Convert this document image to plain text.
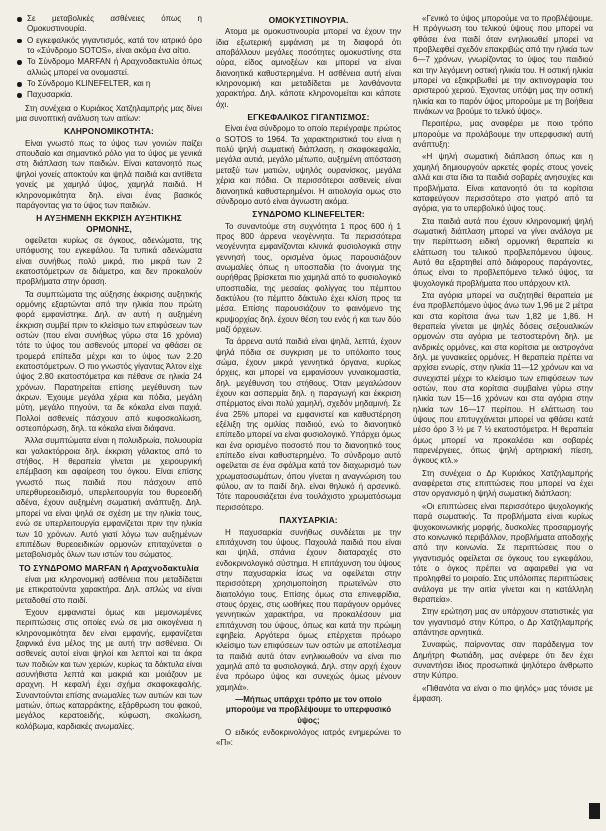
Σε μεταβολικές ασθένειες όπως η Ομοκυστινουρία.
Ο εγκεφαλικός γιγαντισμός, κατά τον ιατρικό όρο το «Σύνδρομο SOTOS», είναι ακόμα ένα αίτιο.
Το Σύνδρομο MARFAN ή Αραχνοδακτυλία όπως αλλιώς μπορεί να ονομαστεί.
Το Σύνδρομο KLINEFELTER, και η
Παχυσαρκία.

Στη συνέχεια ο Κυριάκος Χατζηλαμπρής μας δίνει μια συνοπτική ανάλυση των αιτίων:

ΚΛΗΡΟΝΟΜΙΚΟΤΗΤΑ:

Είναι γνωστό πως το ύψος των γονιών παίζει σπουδαίο και σημαντικό ρόλο για το ύψος με γενικά στη διάπλαση των παιδιών. Είναι κατανοητό πως ψηλοί γονείς αποκτούν και ψηλά παιδιά και αντίθετα γονείς με χαμηλό ύψος, χαμηλά παιδιά. Η κληρονομικότητα δηλ. είναι ένας βασικός παράγοντας για το ύψος των παιδιών.

Η ΑΥΞΗΜΕΝΗ ΕΚΚΡΙΣΗ ΑΥΞΗΤΙΚΗΣ ΟΡΜΟΝΗΣ,

οφείλεται κυρίως σε όγκους, αδενώματα, της υπόφυσης του εγκεφάλου. Τα τυπικά αδενώματα είναι συνήθως πολύ μικρά, πιο μικρά των 2 εκατοστόμετρων σε διάμετρο, και δεν προκαλούν προβλήματα στην όραση.

Τα συμπτώματα της αύξησης έκκρισης αυξητικής ορμόνης εξαρτώνται από την ηλικία που πρώτη φορά εμφανίστηκε. Δηλ. αν αυτή η αυξημένη έκκριση συμβεί πριν το κλείσιμο των επιφύσεων των οστών (που είναι συνήθως γύρω στα 16 χρόνια) τότε το ύψος του ασθενούς μπορεί να φθάσει σε τρομερά επίπεδα μέχρι και το ύψος των 2.20 εκατοστόμετρων. Ο πιο γνωστός γίγαντας Άλτον είχε ύψος 2.80 εκατοστόμετρα και πέθανε σε ηλικία 24 χρόνων. Παρατηρείται επίσης μεγέθυνση των άκρων. Έχουμε μεγάλα χέρια και πόδια, μεγάλη μύτη, μεγάλο πηγούνι, τα δε κόκαλα είναι παχιά. Πολλοί ασθενείς πάσχουν από κυφοσκολίωση, οστεοπόρωση, δηλ. τα κόκαλα είναι διάφανα.

Άλλα συμπτώματα είναι η πολυιδρωία, πολυουρία και γαλακτόρροια δηλ. έκκριση γάλακτος από το στήθος. Η θεραπεία γίνεται με χειρουργική επέμβαση και αφαίρεση του όγκου. Είναι επίσης γνωστό πως παιδιά που πάσχουν από υπερθυρεοειδισμό, υπερλειτουργία του θυρεοειδή αδένα, έχουν αυξημένη σωματική ανάπτυξη. Δηλ. μπορεί να είναι ψηλά σε σχέση με την ηλικία τους, ενώ σε υπερλειτουργία εμφανίζεται πριν την ηλικία των 10 χρόνων. Αυτό γιατί λόγω των αυξημένων επιπέδων θυρεοειδικών ορμονών επιταχύνεται ο μεταβολισμός όλων των ιστών του σώματος.

ΤΟ ΣΥΝΔΡΟΜΟ MARFAN ή Αραχνοδακτυλία

είναι μια κληρονομική ασθένεια που μεταδίδεται με επικρατούντα χαρακτήρα. Δηλ. απλώς να είναι μεταδοθεί στο παιδί.

Έχουν εμφανιστεί όμως και μεμονωμένες περιπτώσεις στις οποίες ενώ σε μια οικογένεια η κληρονομικότητα δεν είναι εμφανής, εμφανίζεται ξαφνικά ένα μέλος της με αυτή την ασθένεια. Οι ασθενείς αυτοί είναι ψηλοί και λεπτοί και τα άκρα των ποδιών και των χεριών, κυρίως τα δάκτυλα είναι ασυνήθιστα λεπτά και μακριά και μοιάζουν με αραχνη. Η κεφαλή έχει σχήμα σκαφοκεφαλής. Συναντούνται επίσης ανωμαλίες των αυτιών και των ματιών, όπως καταρράκτης, εξάρθρωση του φακού, μεγάλος κερατοειδής, κύφωση, σκολίωση, κολόβωμα, καρδιακές ανωμαλίες.

ΟΜΟΚΥΣΤΙΝΟΥΡΙΑ.

Ατομα με ομοκυστινουρία μπορεί να έχουν την ίδια εξωτερική εμφάνιση με τη διαφορά ότι αποβάλλουν μεγάλες ποσότητες ομοκυστίνης στα ούρα, είδος αμινοξέων και μπορεί να είναι διανοητικά καθυστερημένα. Η ασθένεια αυτή είναι κληρονομική και μεταδίδεται με λανθάνοντα χαρακτήρα. Δηλ. κάποτε κληρονομείται και κάποτε όχι.

ΕΓΚΕΦΑΛΙΚΟΣ ΓΙΓΑΝΤΙΣΜΟΣ:

Είναι ένα σύνδρομο το οποίο περιέγραψε πρώτος ο SOTOS το 1964. Τα χαρακτηριστικά του είναι η πολύ ψηλή σωματική διάπλαση, η σκαφοκεφαλία, μεγάλα αυτιά, μεγάλο μέτωπο, αυξημένη απόσταση μεταξύ των ματιών, υψηλός ουρανίσκος, μεγάλα χέρια και πόδια. Οι περισσότεροι ασθενείς είναι διανοητικά καθυστερημένοι. Η αιτιολογία ομως στο σύνδρομο αυτό είναι άγνωστη ακόμα.

ΣΥΝΔΡΟΜΟ KLINEFELTER:

Το συναντούμε στη συχνότητα 1 προς 600 ή 1 προς 800 άρρενα νεογέννητα. Τα περισσότερα νεογέννητα εμφανίζονται κλινικά φυσιολογικά στην γεννησή τους, ορισμένα όμως παρουσιάζουν ανωμαλίες όπως η υποσπαδία (το άνοιγμα της ουρήθρας βρίσκεται πιο χαμηλά από το φυσιολογικό υποσπαδία, της μεσαίας φολίγγας του πέμπτου δακτύλου (το πέμπτο δάκτυλο έχει κλίση προς τα μέσα. Επίσης παρουσιάζουν το φαινόμενο της κρυψορχίας δηλ. έχουν θέση του ενός ή και των δύο μαζί όρχεων.

Τα άρρενα αυτά παιδιά είναι ψηλά, λεπτά, έχουν ψηλά πόδια σε συγκριση με το υπόλοιπο τους σώμα, έχουν μικρά γεννητικά όργανα, κυρίως όρχεις, και μπορεί να εμφανίσουν γυναικομαστία, δηλ. μεγέθυνση του στήθους. Όταν μεγαλώσουν έχουν και ασπερμία δηλ. η παραγωγή και έκκριση σπέρματος είναι πολύ χαμηλή, σχεδόν μηδαμινή. Σε ένα 25% μπορεί να εμφανιστεί και καθυστέρηση εξέλιξη της ομιλίας παιδιού, ενώ το διανοητικό επίπεδο μπορεί να είναι φυσιολογικό. Υπάρχει όμως και ένα ορισμένο ποσοστό που το διανοητικό τους επίπεδο είναι καθυστερημένο. Το σύνδρομο αυτό οφείλεται σε ένα σφάλμα κατά τον διαχωρισμό των χρωματοσωμάτων, όπου γίνεται η αναγνώριση του φύλου, αν το παιδί δηλ. είναι θηλυκό ή αρσενικό. Τότε παρουσιάζεται ένα τουλάχιστο χρωματόσωμα περισσότερο.

ΠΑΧΥΣΑΡΚΙΑ:

Η παχυσαρκία συνήθως συνδέεται με την επιτάχυνση του ύψους. Παχουλά παιδιά που είναι και ψηλά, σπάνια έχουν διαταραχές στο ενδοκρινολογικό σύστημα. Η επιτάχυνση του ύψους στην παχυσαρκία ίσως να οφείλεται στην περισσότερη χρησιμοποίηση πρωτεϊνών στο διαιτολόγιο τους. Επίσης όμως στα επινεφρίδια, στους όρχεις, στις ωοθήκες που παράγουν ορμόνες γεννητικών χαρακτήρα, να προκαλέσουν μια επιτάχυνση του ύψους, όπως και κατά την πρώιμη εφηβεία. Αργότερα όμως επέρχεται πρόωρο κλείσιμο των επιφύσεων των οστών με αποτέλεσμα τα παιδιά αυτά όταν ενηλικιωθούν να είναι πιο χαμηλά από τα φυσιολογικά. Δηλ. στην αρχή έχουν ένα πρόωρο ύψος και συνεχώς όμως μένουν χαμηλά».

—Μήπως υπάρχει τρόπο με τον οποίο μπορούμε να προβλέψουμε το υπερφυσικό ύψος;

Ο ειδικός ενδοκρινολόγος ιατρός ενημερώνει το «Π»:

«Γενικό το ύψος μπορούμε να το προβλέψουμε. Η πρόγνωση του τελικού ύψους που μπορεί να φθάσει ένα παιδί όταν ενηλικιωθεί μπορεί να προβλεφθεί σχεδόν επακριβώς από την ηλικία των 6—7 χρόνων, γνωρίζοντας το ύψος του παιδιού και την λεγόμενη οστική ηλικία του. Η οστική ηλικία μπορεί να εξακριβωθεί με την ακτινογραφία του αριστερού χεριού. Έχοντας υπόψη μας την οστική ηλικία και το παρόν ύψος μπορούμε με τη βοήθεια πινάκων να βρούμε το τελικό ύψος».

Περαιτέρω, μας αναφέρει με ποιο τρόπο μπορούμε να προλάβουμε την υπερφυσική αυτή ανάπτυξη:

«Η ψηλή σωματική διάπλαση όπως και η χαμηλή δημιουργούν αρκετές φορές στους γονείς αλλά και στα ίδια τα παιδιά σοβαρές ανησυχίες και προβλήματα. Είναι κατανοητό ότι τα κορίτσια καταφεύγουν περισσότερο στο γιατρό από τα αγόρια, για το υπερβολικό ύψος τους.

Στα παιδιά αυτά που έχουν κληρονομική ψηλή σωματική διάπλαση μπορεί να γίνει ανάλογα με την περίπτωση ειδική ορμονική θεραπεία κι ελάττωση του τελικού προβλεπόμενου ύψους. Αυτό θα εξαρτηθεί από διάφορους παράγοντες, όπως είναι το προβλεπόμενο τελικό ύψος, τα ψυχολογικά προβλήματα που υπάρχουν κτλ.

Στα αγόρια μπορεί να συζητηθεί θεραπεία με ένα προβλεπόμενο ύψος άνω των 1,96 με 2 μέτρα και στα κορίτσια άνω των 1,82 με 1,86. Η θεραπεία γίνεται με ψηλές δόσεις σεξουαλικών ορμονών στα αγόρια με τεστοστερόνη δηλ. με ανδρικές ορμόνες, και στα κορίτσια με οιστρογόνα δηλ. με γυναικείες ορμόνες. Η θεραπεία πρέπει να αρχίσει ενωρίς, στην ηλικία 11—12 χρόνων και να συνεχιστεί μέχρι το κλείσιμο των επιφύσεων των οστών, που στα κορίτσια συμβαίνει γύρω στην ηλικία των 15—16 χρόνων και στα αγόρια στην ηλικία των 16—17 περίπου. Η ελάττωση του ύψους που επιτυγχάνεται μπορεί να φθάσει κατά μέσο όρο 3 ½ με 7 ½ εκατοστόμετρα. Η θεραπεία όμως μπορεί να προκαλέσει και σοβαρές παρενέργειες, όπως ψηλή αρτηριακή πίεση, όγκους κτλ.»

Στη συνέχεια ο Δρ Κυριάκος Χατζηλαμπρής αναφέρεται στις επιπτώσεις που μπορεί να έχει στον οργανισμό η ψηλή σωματική διάπλαση:

«Οι επιπτώσεις είναι περισσότερο ψυχολογικής παρά σωματικής. Τα προβλήματα είναι κυρίως ψυχοκοινωνικής μορφής, δυσκολίες προσαρμογής στο κοινωνικό περιβάλλον, προβλήματα αποδοχής από την κοινωνία. Σε περιπτώσεις που ο γιγαντισμός οφείλεται σε όγκους του εγκεφάλου, τότε ο όγκος πρέπει να αφαιρεθεί για να προληφθεί το μοιραίο. Στις υπόλοιπες περιπτώσεις ανάλογα με την αιτία γίνεται και η κατάλληλη θεραπεία».

Στην ερώτηση μας αν υπάρχουν στατιστικές για τον γιγαντισμό στην Κύπρο, ο Δρ Χατζηλαμπρής απάντησε αρνητικά.

Συναφώς, παίρνοντας σαν παράδειγμα τον Δημήτρη Φωτιάδη, μας ανέφερε ότι δεν έχει συναντήσει ίδιος προσωπικά ψηλότερο άνθρωπο στην Κύπρο.

«Πιθανότα να είναι ο πιο ψηλός» μας τόνισε με έμφαση.
